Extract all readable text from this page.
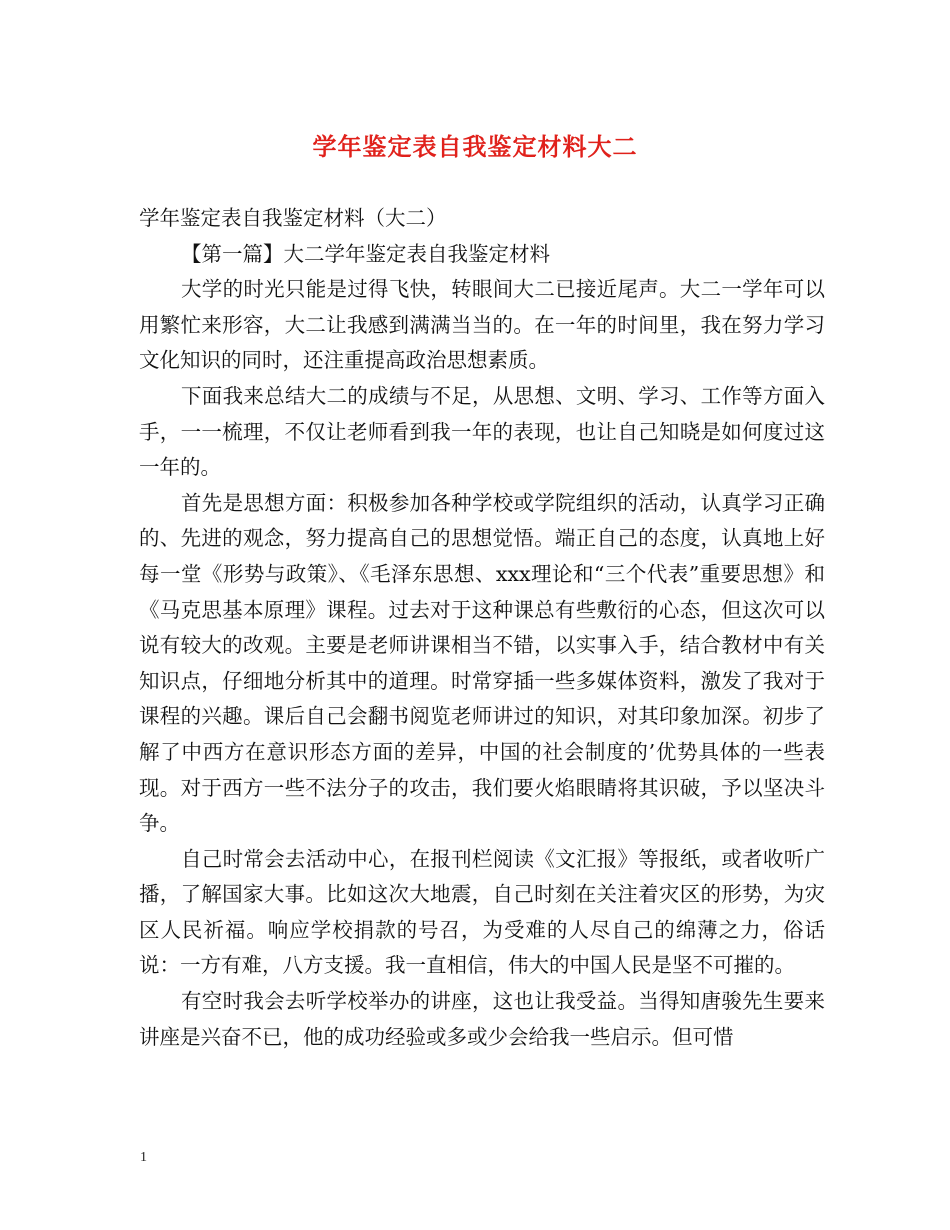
学年鉴定表自我鉴定材料大二

学年鉴定表自我鉴定材料（大二）

【第一篇】大二学年鉴定表自我鉴定材料

大学的时光只能是过得飞快，转眼间大二已接近尾声。大二一学年可以用繁忙来形容，大二让我感到满满当当的。在一年的时间里，我在努力学习文化知识的同时，还注重提高政治思想素质。

下面我来总结大二的成绩与不足，从思想、文明、学习、工作等方面入手，一一梳理，不仅让老师看到我一年的表现，也让自己知晓是如何度过这一年的。

首先是思想方面：积极参加各种学校或学院组织的活动，认真学习正确的、先进的观念，努力提高自己的思想觉悟。端正自己的态度，认真地上好每一堂《形势与政策》、《毛泽东思想、xxx理论和“三个代表”重要思想》和《马克思基本原理》课程。过去对于这种课总有些敷衍的心态，但这次可以说有较大的改观。主要是老师讲课相当不错，以实事入手，结合教材中有关知识点，仔细地分析其中的道理。时常穿插一些多媒体资料，激发了我对于课程的兴趣。课后自己会翻书阅览老师讲过的知识，对其印象加深。初步了解了中西方在意识形态方面的差异，中国的社会制度的’优势具体的一些表现。对于西方一些不法分子的攻击，我们要火焰眼睛将其识破，予以坚决斗争。

自己时常会去活动中心，在报刊栏阅读《文汇报》等报纸，或者收听广播，了解国家大事。比如这次大地震，自己时刻在关注着灾区的形势，为灾区人民祈福。响应学校捐款的号召，为受难的人尽自己的绵薄之力，俗话说：一方有难，八方支援。我一直相信，伟大的中国人民是坚不可摧的。

有空时我会去听学校举办的讲座，这也让我受益。当得知唐骏先生要来讲座是兴奋不已，他的成功经验或多或少会给我一些启示。但可惜

1
